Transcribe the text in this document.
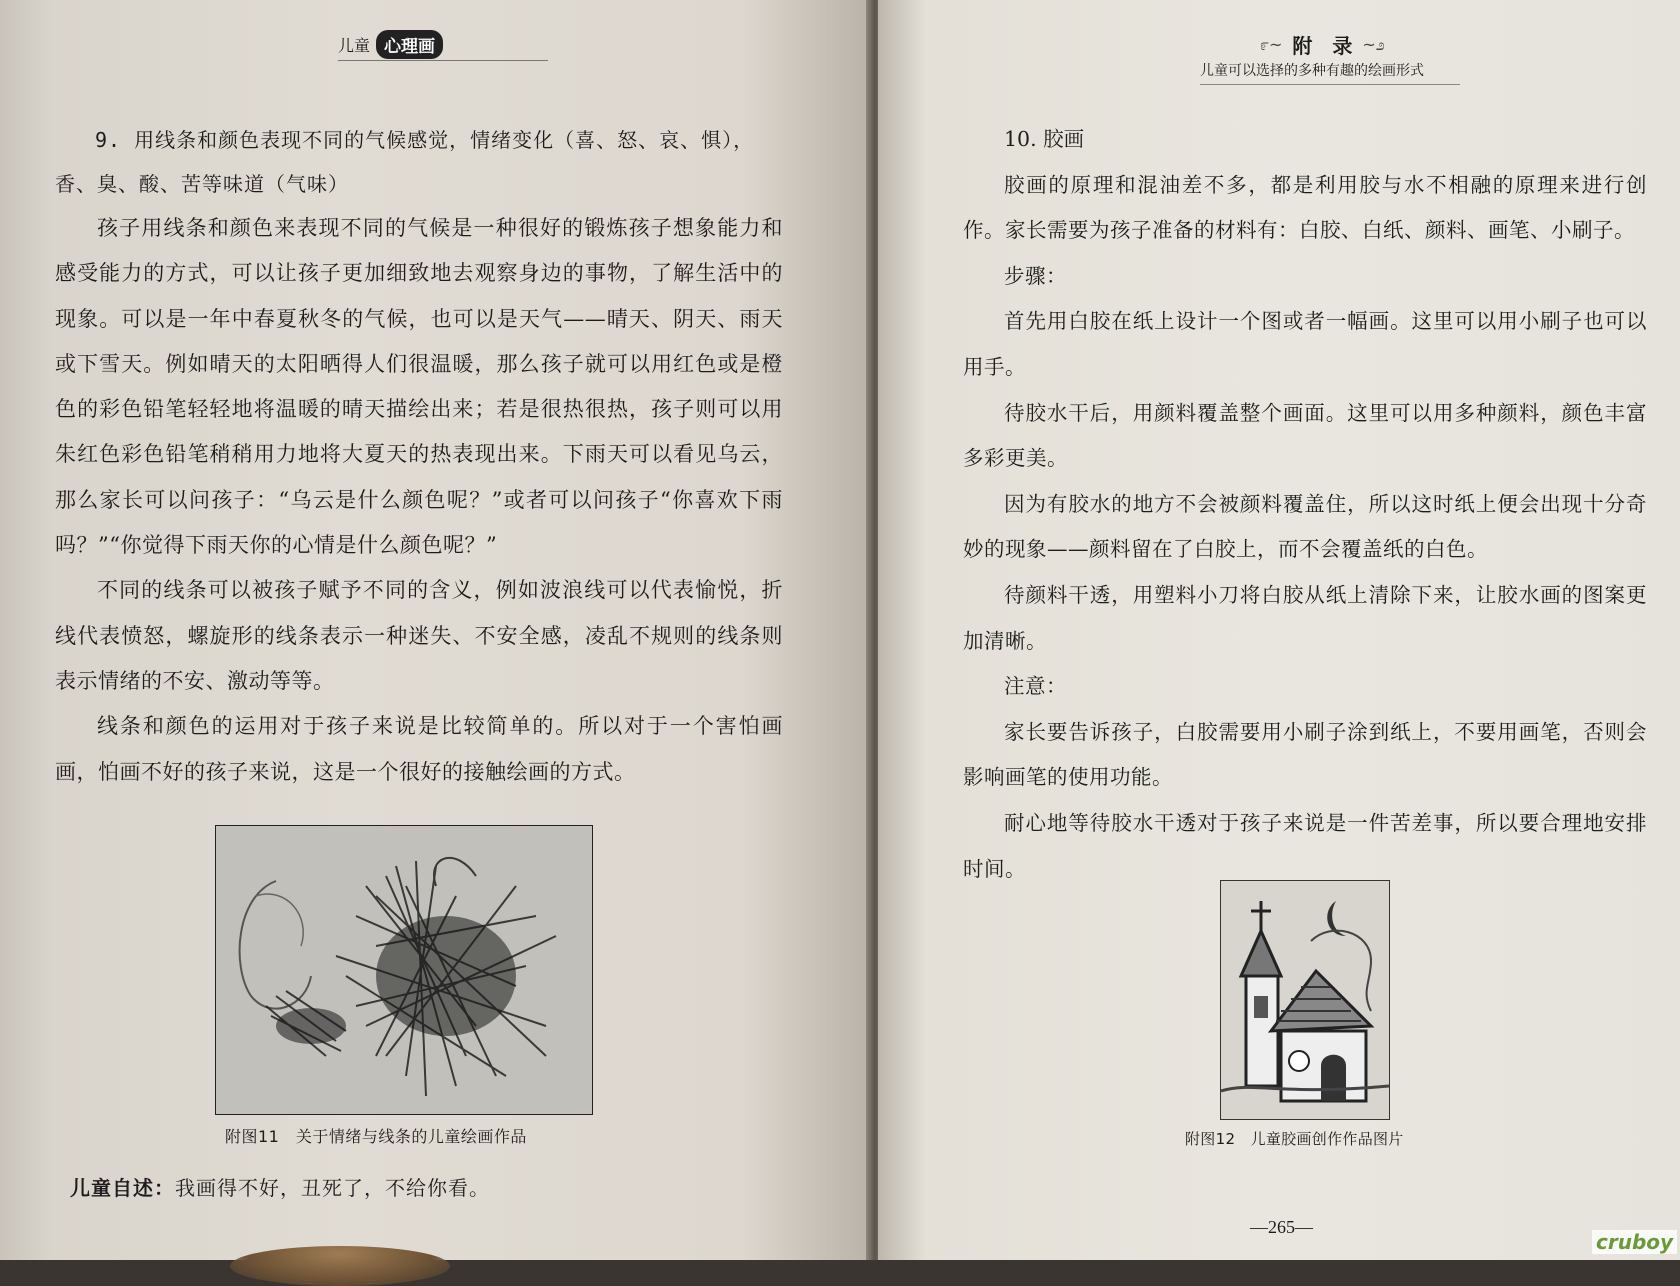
儿童 心理画

9. 用线条和颜色表现不同的气候感觉，情绪变化（喜、怒、哀、惧），香、臭、酸、苦等味道（气味）

孩子用线条和颜色来表现不同的气候是一种很好的锻炼孩子想象能力和感受能力的方式，可以让孩子更加细致地去观察身边的事物，了解生活中的现象。可以是一年中春夏秋冬的气候，也可以是天气——晴天、阴天、雨天或下雪天。例如晴天的太阳晒得人们很温暖，那么孩子就可以用红色或是橙色的彩色铅笔轻轻地将温暖的晴天描绘出来；若是很热很热，孩子则可以用朱红色彩色铅笔稍稍用力地将大夏天的热表现出来。下雨天可以看见乌云，那么家长可以问孩子：“乌云是什么颜色呢？”或者可以问孩子“你喜欢下雨吗？”“你觉得下雨天你的心情是什么颜色呢？”

不同的线条可以被孩子赋予不同的含义，例如波浪线可以代表愉悦，折线代表愤怒，螺旋形的线条表示一种迷失、不安全感，凌乱不规则的线条则表示情绪的不安、激动等等。

线条和颜色的运用对于孩子来说是比较简单的。所以对于一个害怕画画，怕画不好的孩子来说，这是一个很好的接触绘画的方式。

附图11　关于情绪与线条的儿童绘画作品
儿童自述：我画得不好，丑死了，不给你看。
೯~ 附　录 ~೨
儿童可以选择的多种有趣的绘画形式

10. 胶画

胶画的原理和混油差不多，都是利用胶与水不相融的原理来进行创作。家长需要为孩子准备的材料有：白胶、白纸、颜料、画笔、小刷子。

步骤：

首先用白胶在纸上设计一个图或者一幅画。这里可以用小刷子也可以用手。

待胶水干后，用颜料覆盖整个画面。这里可以用多种颜料，颜色丰富多彩更美。

因为有胶水的地方不会被颜料覆盖住，所以这时纸上便会出现十分奇妙的现象——颜料留在了白胶上，而不会覆盖纸的白色。

待颜料干透，用塑料小刀将白胶从纸上清除下来，让胶水画的图案更加清晰。

注意：

家长要告诉孩子，白胶需要用小刷子涂到纸上，不要用画笔，否则会影响画笔的使用功能。

耐心地等待胶水干透对于孩子来说是一件苦差事，所以要合理地安排时间。

附图12　儿童胶画创作作品图片
—265—
cruboy
